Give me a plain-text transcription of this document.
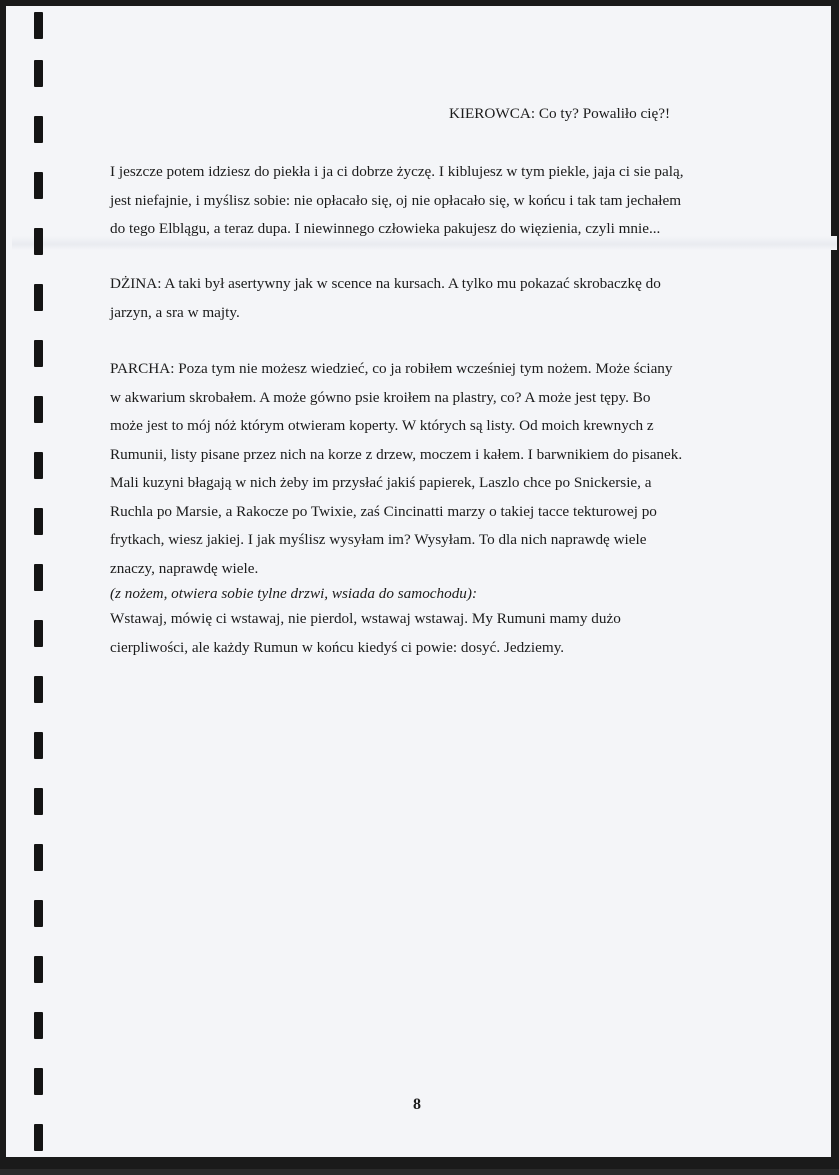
KIEROWCA: Co ty? Powaliło cię?!
I jeszcze potem idziesz do piekła i ja ci dobrze życzę. I kiblujesz w tym piekle, jaja ci sie palą,
jest niefajnie, i myślisz sobie: nie opłacało się, oj nie opłacało się, w końcu i tak tam jechałem
do tego Elblągu, a teraz dupa. I niewinnego człowieka pakujesz do więzienia, czyli mnie...
DŻINA: A taki był asertywny jak w scence na kursach. A tylko mu pokazać skrobaczkę do
jarzyn, a sra w majty.
PARCHA: Poza tym nie możesz wiedzieć, co ja robiłem wcześniej tym nożem. Może ściany
w akwarium skrobałem. A może gówno psie kroiłem na plastry, co? A może jest tępy. Bo
może jest to mój nóż którym otwieram koperty. W których są listy. Od moich krewnych z
Rumunii, listy pisane przez nich na korze z drzew, moczem i kałem. I barwnikiem do pisanek.
Mali kuzyni błagają w nich żeby im przysłać jakiś papierek, Laszlo chce po Snickersie, a
Ruchla po Marsie, a Rakocze po Twixie, zaś Cincinatti marzy o takiej tacce tekturowej po
frytkach, wiesz jakiej. I jak myślisz wysyłam im? Wysyłam. To dla nich naprawdę wiele
znaczy, naprawdę wiele.
(z nożem, otwiera sobie tylne drzwi, wsiada do samochodu):
Wstawaj, mówię ci wstawaj, nie pierdol, wstawaj wstawaj. My Rumuni mamy dużo
cierpliwości, ale każdy Rumun w końcu kiedyś ci powie: dosyć. Jedziemy.
8
